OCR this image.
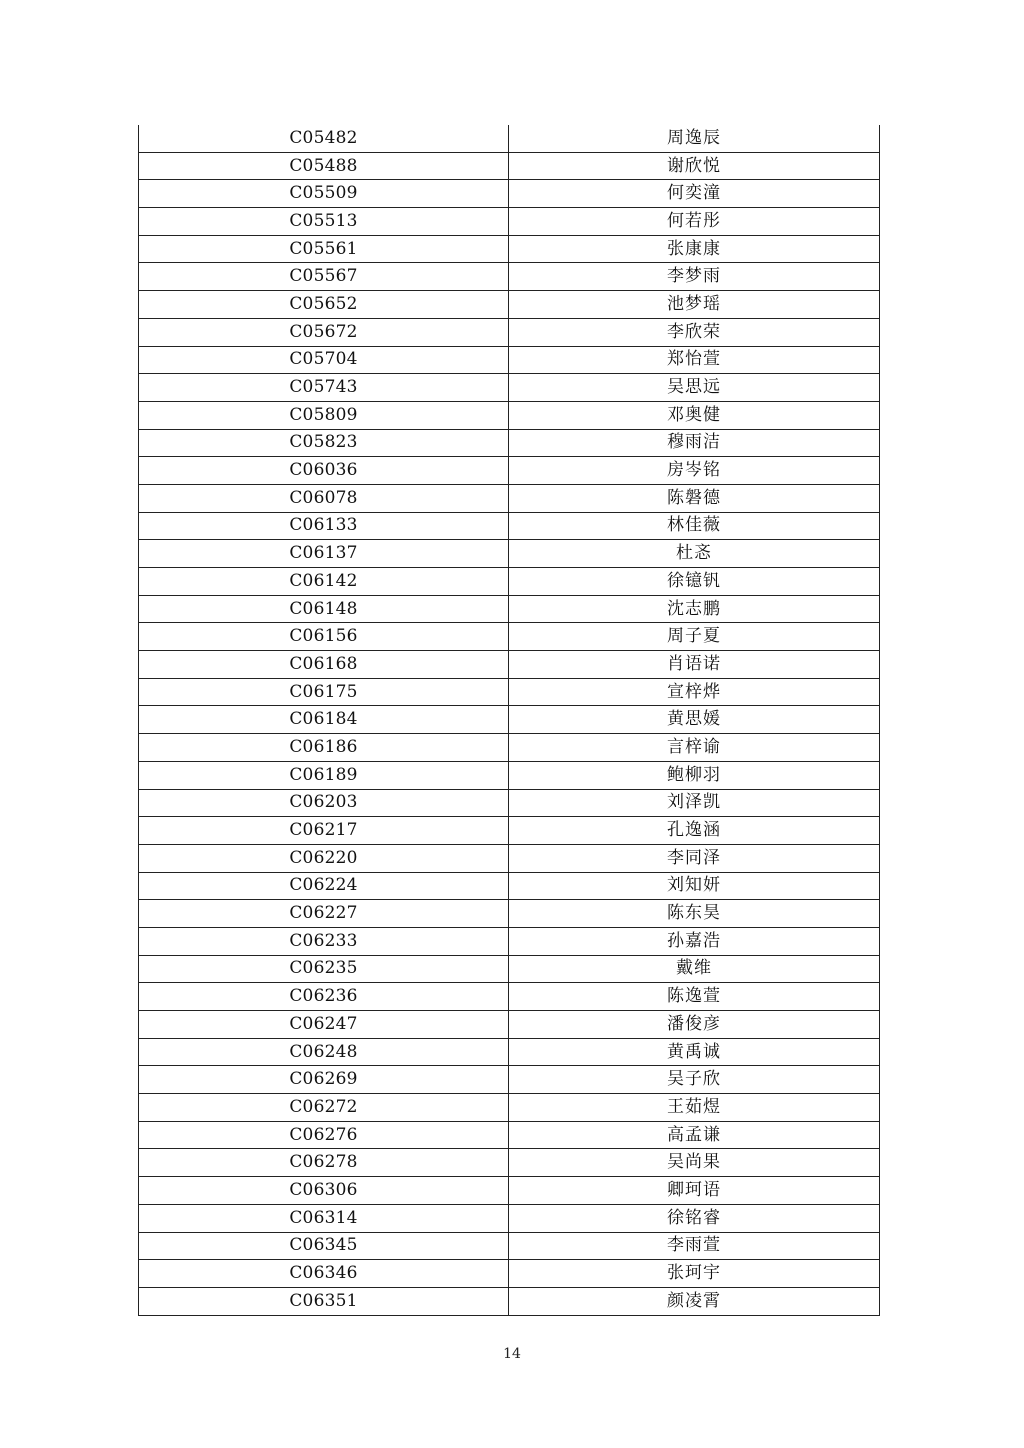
C05482	周逸辰
C05488	谢欣悦
C05509	何奕潼
C05513	何若彤
C05561	张康康
C05567	李梦雨
C05652	池梦瑶
C05672	李欣荣
C05704	郑怡萱
C05743	吴思远
C05809	邓奥健
C05823	穆雨洁
C06036	房岑铭
C06078	陈磐德
C06133	林佳薇
C06137	杜忞
C06142	徐镱钒
C06148	沈志鹏
C06156	周子夏
C06168	肖语诺
C06175	宣梓烨
C06184	黄思媛
C06186	言梓谕
C06189	鲍柳羽
C06203	刘泽凯
C06217	孔逸涵
C06220	李同泽
C06224	刘知妍
C06227	陈东昊
C06233	孙嘉浩
C06235	戴维
C06236	陈逸萱
C06247	潘俊彦
C06248	黄禹诚
C06269	吴子欣
C06272	王茹煜
C06276	高孟谦
C06278	吴尚果
C06306	卿珂语
C06314	徐铭睿
C06345	李雨萱
C06346	张珂宇
C06351	颜凌霄
14
